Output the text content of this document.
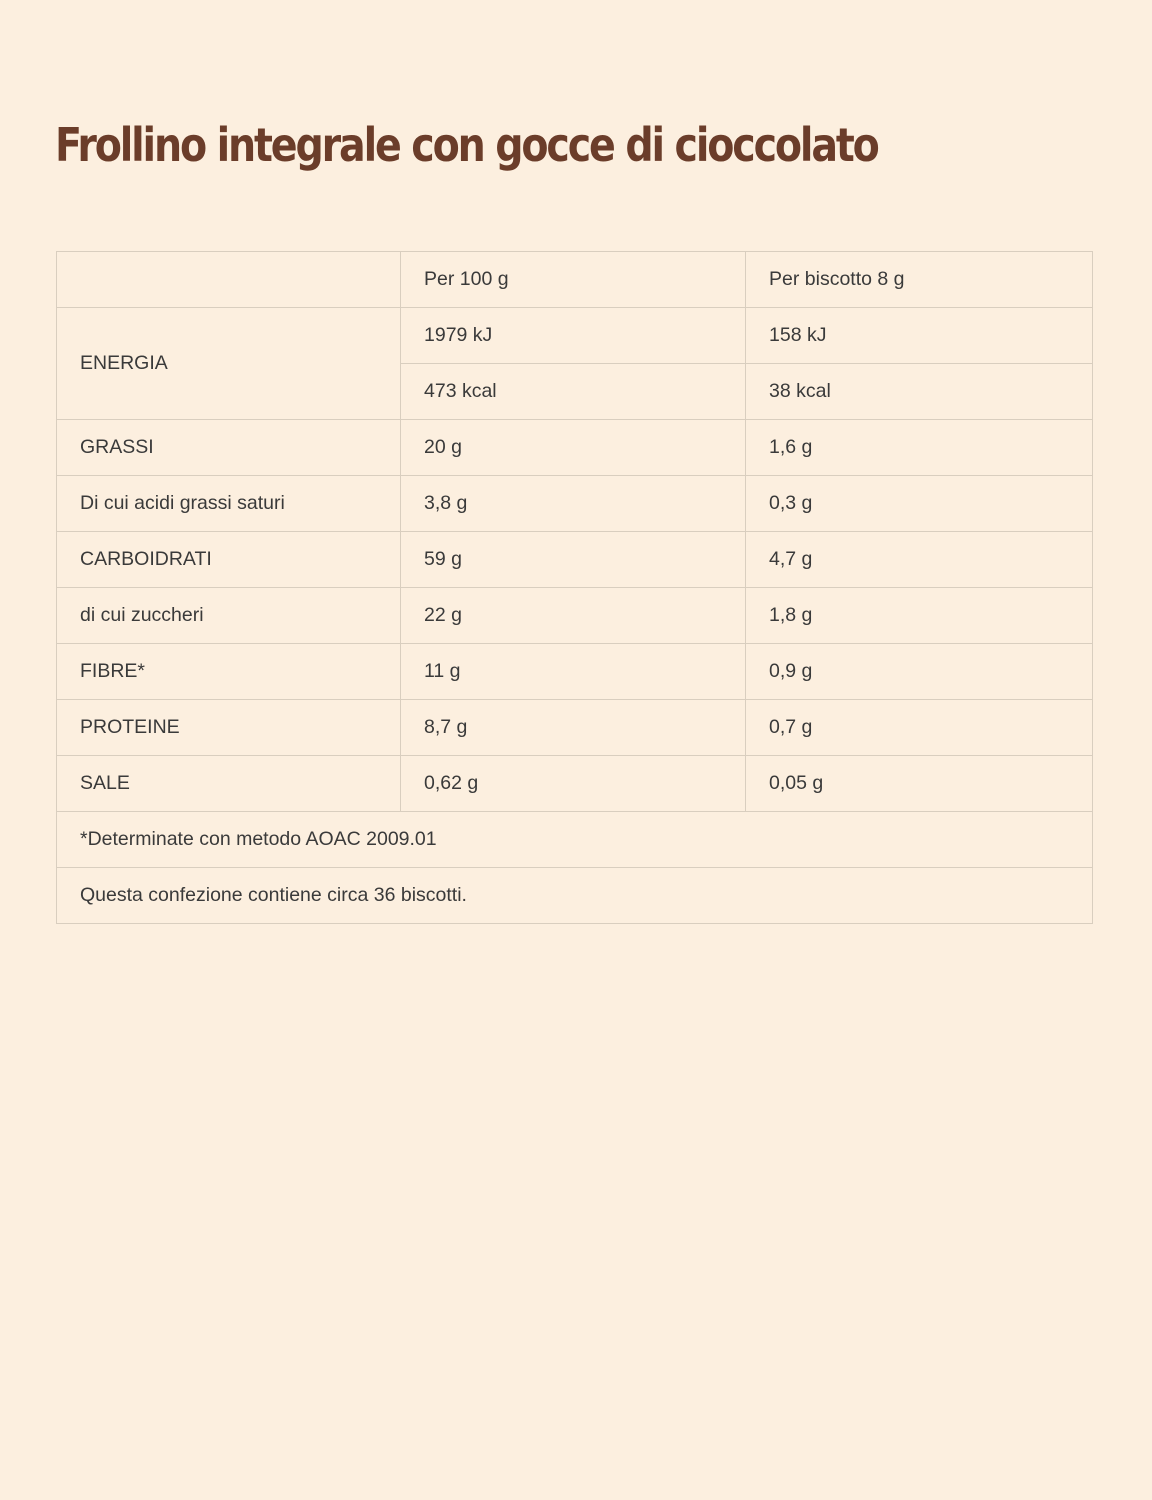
Frollino integrale con gocce di cioccolato
	Per 100 g	Per biscotto 8 g
ENERGIA	1979 kJ	158 kJ
	473 kcal	38 kcal
GRASSI	20 g	1,6 g
Di cui acidi grassi saturi	3,8 g	0,3 g
CARBOIDRATI	59 g	4,7 g
di cui zuccheri	22 g	1,8 g
FIBRE*	11 g	0,9 g
PROTEINE	8,7 g	0,7 g
SALE	0,62 g	0,05 g
*Determinate con metodo AOAC 2009.01		
Questa confezione contiene circa 36 biscotti.		
